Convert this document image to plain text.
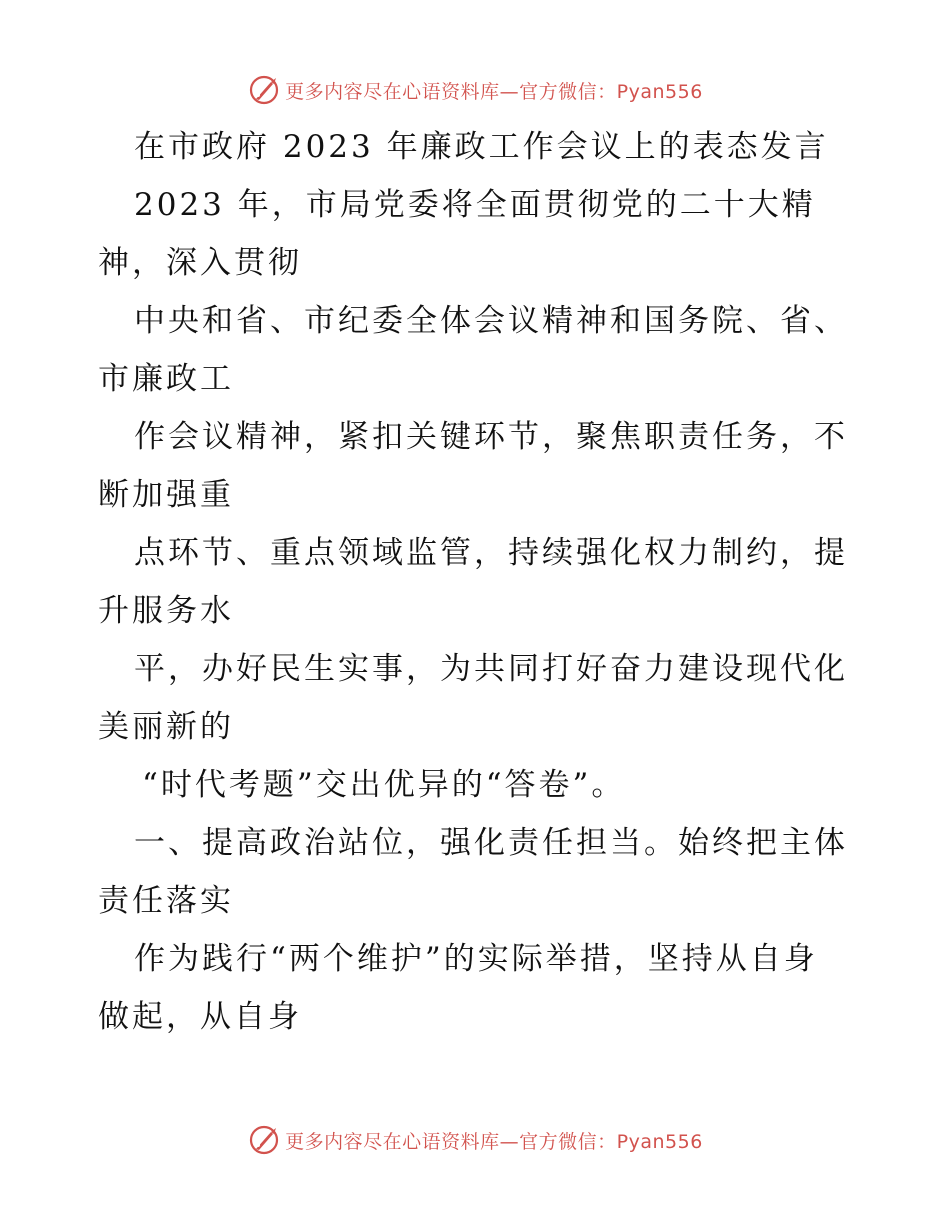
更多内容尽在心语资料库—官方微信：Pyan556
在市政府 2023 年廉政工作会议上的表态发言
2023 年，市局党委将全面贯彻党的二十大精
神，深入贯彻
中央和省、市纪委全体会议精神和国务院、省、
市廉政工
作会议精神，紧扣关键环节，聚焦职责任务，不
断加强重
点环节、重点领域监管，持续强化权力制约，提
升服务水
平，办好民生实事，为共同打好奋力建设现代化
美丽新的
“时代考题”交出优异的“答卷”。
一、提高政治站位，强化责任担当。始终把主体
责任落实
作为践行“两个维护”的实际举措，坚持从自身
做起，从自身
更多内容尽在心语资料库—官方微信：Pyan556
